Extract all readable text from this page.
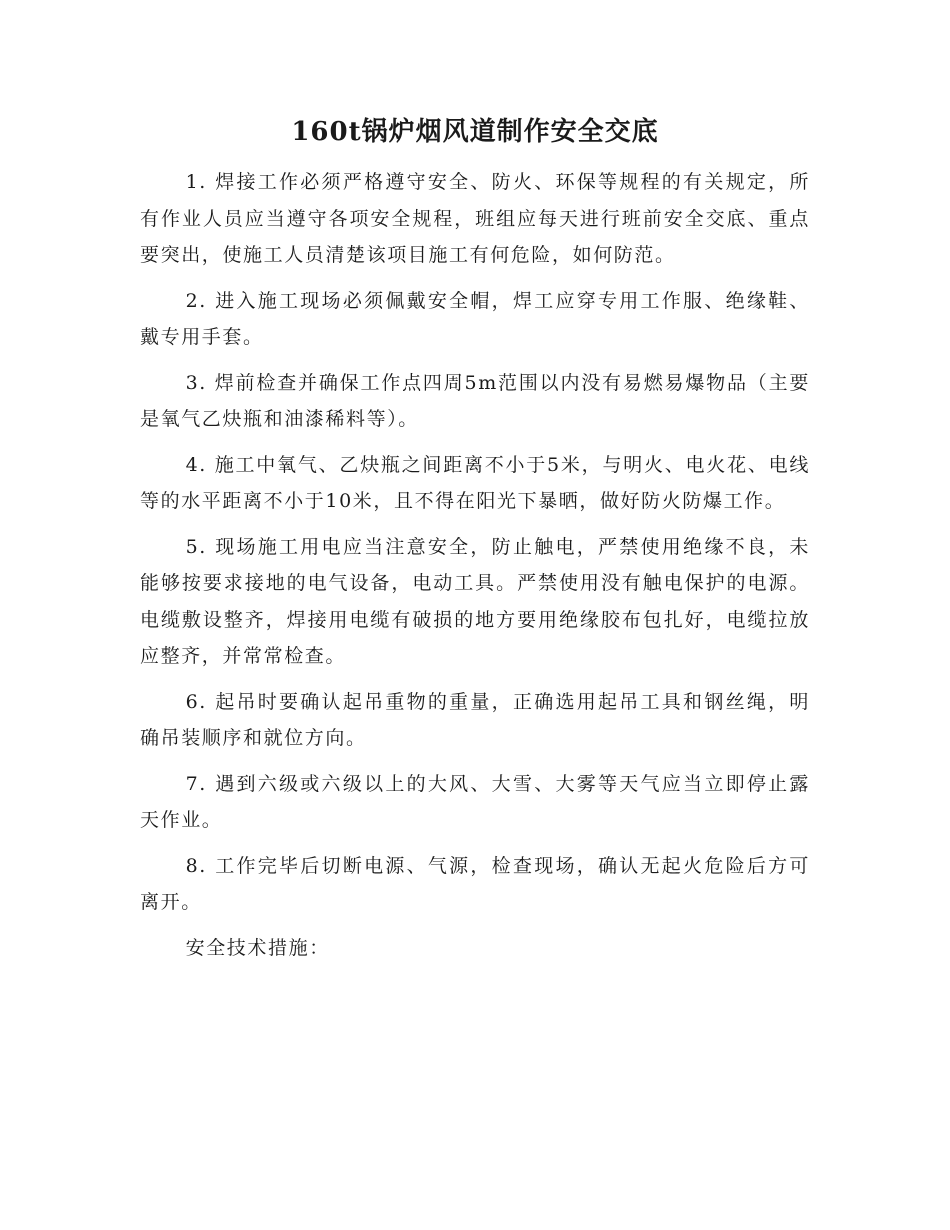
160t锅炉烟风道制作安全交底

1. 焊接工作必须严格遵守安全、防火、环保等规程的有关规定，所有作业人员应当遵守各项安全规程，班组应每天进行班前安全交底、重点要突出，使施工人员清楚该项目施工有何危险，如何防范。

2. 进入施工现场必须佩戴安全帽，焊工应穿专用工作服、绝缘鞋、戴专用手套。

3. 焊前检查并确保工作点四周5m范围以内没有易燃易爆物品（主要是氧气乙炔瓶和油漆稀料等）。

4. 施工中氧气、乙炔瓶之间距离不小于5米，与明火、电火花、电线等的水平距离不小于10米，且不得在阳光下暴晒，做好防火防爆工作。

5. 现场施工用电应当注意安全，防止触电，严禁使用绝缘不良，未能够按要求接地的电气设备，电动工具。严禁使用没有触电保护的电源。电缆敷设整齐，焊接用电缆有破损的地方要用绝缘胶布包扎好，电缆拉放应整齐，并常常检查。

6. 起吊时要确认起吊重物的重量，正确选用起吊工具和钢丝绳，明确吊装顺序和就位方向。

7. 遇到六级或六级以上的大风、大雪、大雾等天气应当立即停止露天作业。

8. 工作完毕后切断电源、气源，检查现场，确认无起火危险后方可离开。

安全技术措施：
